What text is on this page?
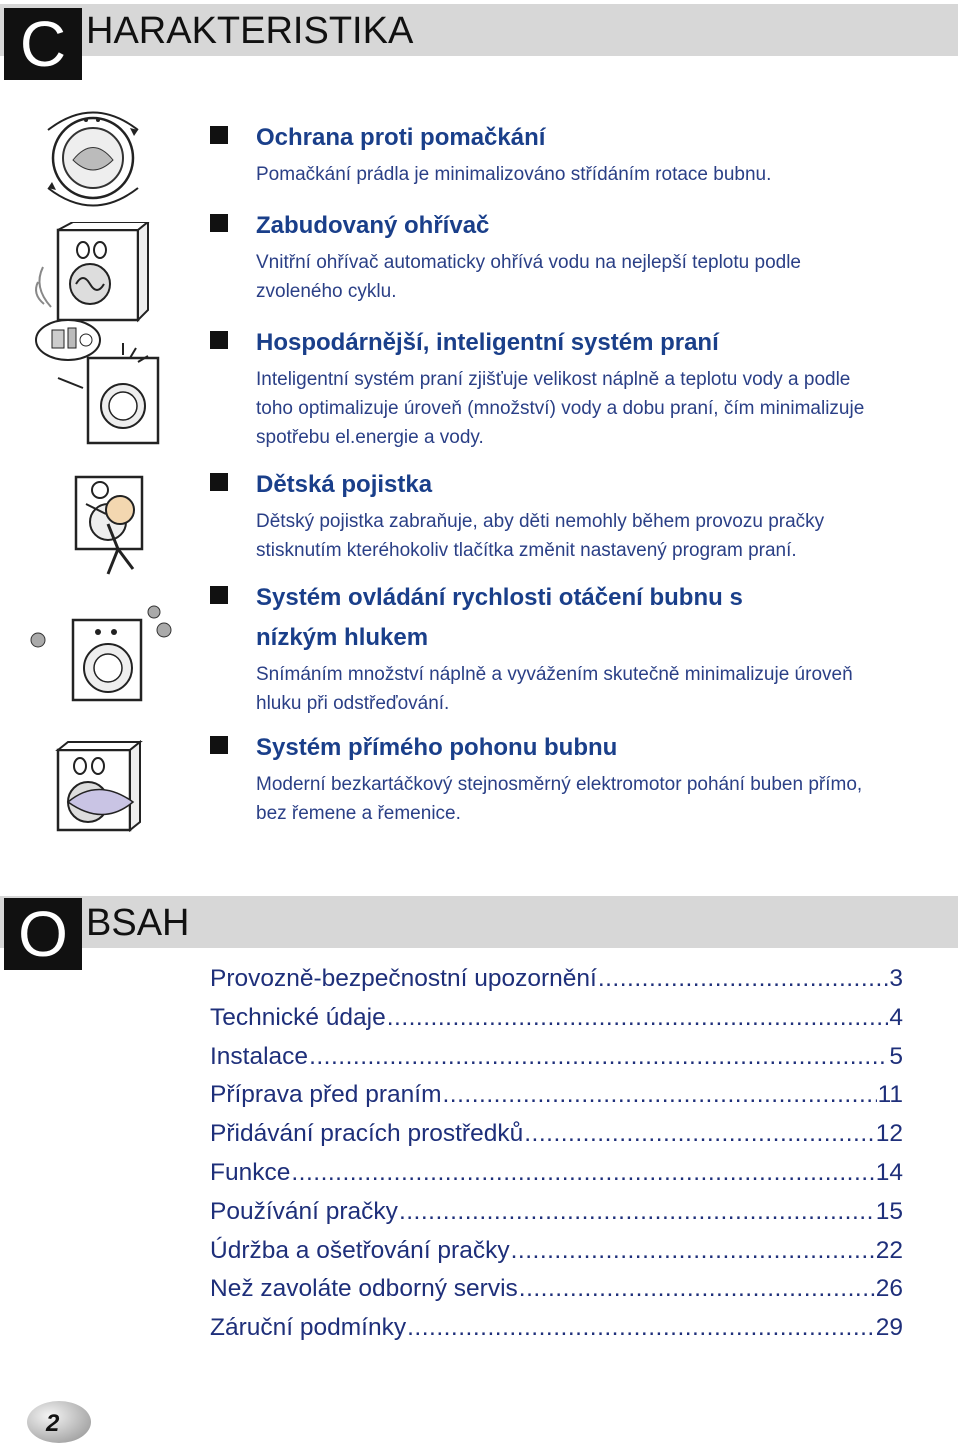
C HARAKTERISTIKA
Ochrana proti pomačkání
Pomačkání prádla je minimalizováno střídáním rotace bubnu.
Zabudovaný ohřívač
Vnitřní ohřívač automaticky ohřívá vodu na nejlepší teplotu podle zvoleného cyklu.
Hospodárnější, inteligentní systém praní
Inteligentní systém praní zjišťuje velikost náplně a teplotu vody a podle toho optimalizuje úroveň (množství) vody a dobu praní, čím minimalizuje spotřebu el.energie a vody.
Dětská pojistka
Dětský pojistka zabraňuje, aby děti nemohly během provozu pračky stisknutím kteréhokoliv tlačítka změnit nastavený program praní.
Systém ovládání rychlosti otáčení bubnu s nízkým hlukem
Snímáním množství náplně a vyvážením skutečně minimalizuje úroveň hluku při odstřeďování.
Systém přímého pohonu bubnu
Moderní bezkartáčkový stejnosměrný elektromotor pohání buben přímo, bez řemene a řemenice.
O BSAH
Provozně-bezpečnostní upozornění .....	3
Technické údaje .....	4
Instalace .....	5
Příprava před praním .....	11
Přidávání pracích prostředků .....	12
Funkce .....	14
Používání pračky .....	15
Údržba a ošetřování pračky .....	22
Než zavoláte odborný servis .....	26
Záruční podmínky .....	29
2
